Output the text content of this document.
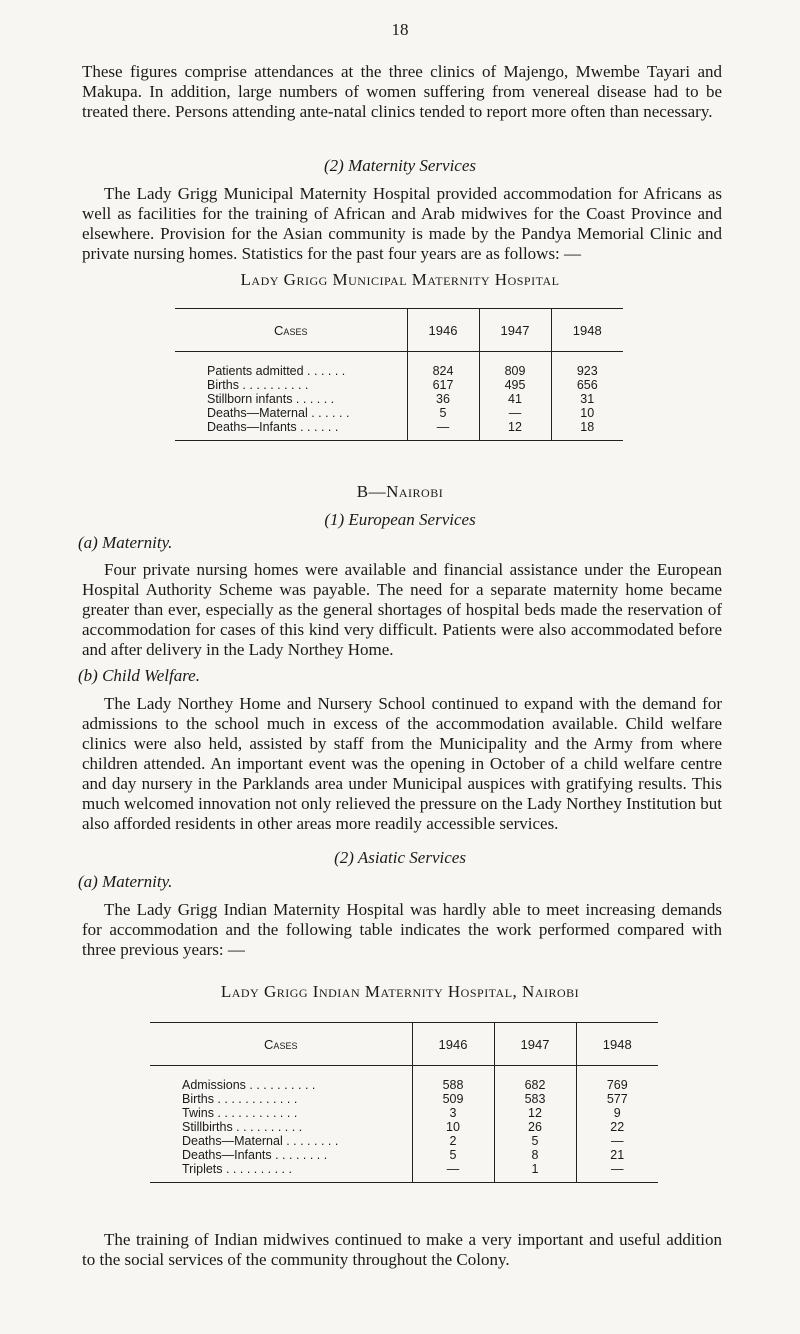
18

These figures comprise attendances at the three clinics of Majengo, Mwembe Tayari and Makupa. In addition, large numbers of women suffering from venereal disease had to be treated there. Persons attending ante-natal clinics tended to report more often than necessary.

(2) Maternity Services

The Lady Grigg Municipal Maternity Hospital provided accommodation for Africans as well as facilities for the training of African and Arab midwives for the Coast Province and elsewhere. Provision for the Asian community is made by the Pandya Memorial Clinic and private nursing homes. Statistics for the past four years are as follows: —

Lady Grigg Municipal Maternity Hospital

Cases	1946	1947	1948
Patients admitted . . . . . .	824	809	923
Births . . . . . . . . . .	617	495	656
Stillborn infants . . . . . .	36	41	31
Deaths—Maternal . . . . . .	5	—	10
Deaths—Infants . . . . . .	—	12	18

B—Nairobi

(1) European Services

(a) Maternity.

Four private nursing homes were available and financial assistance under the European Hospital Authority Scheme was payable. The need for a separate maternity home became greater than ever, especially as the general shortages of hospital beds made the reservation of accommodation for cases of this kind very difficult. Patients were also accommodated before and after delivery in the Lady Northey Home.

(b) Child Welfare.

The Lady Northey Home and Nursery School continued to expand with the demand for admissions to the school much in excess of the accommodation available. Child welfare clinics were also held, assisted by staff from the Municipality and the Army from where children attended. An important event was the opening in October of a child welfare centre and day nursery in the Parklands area under Municipal auspices with gratifying results. This much welcomed innovation not only relieved the pressure on the Lady Northey Institution but also afforded residents in other areas more readily accessible services.

(2) Asiatic Services

(a) Maternity.

The Lady Grigg Indian Maternity Hospital was hardly able to meet increasing demands for accommodation and the following table indicates the work performed compared with three previous years: —

Lady Grigg Indian Maternity Hospital, Nairobi

Cases	1946	1947	1948
Admissions . . . . . . . . . .	588	682	769
Births . . . . . . . . . . . .	509	583	577
Twins . . . . . . . . . . . .	3	12	9
Stillbirths . . . . . . . . . .	10	26	22
Deaths—Maternal . . . . . . . .	2	5	—
Deaths—Infants . . . . . . . .	5	8	21
Triplets . . . . . . . . . .	—	1	—

The training of Indian midwives continued to make a very important and useful addition to the social services of the community throughout the Colony.
